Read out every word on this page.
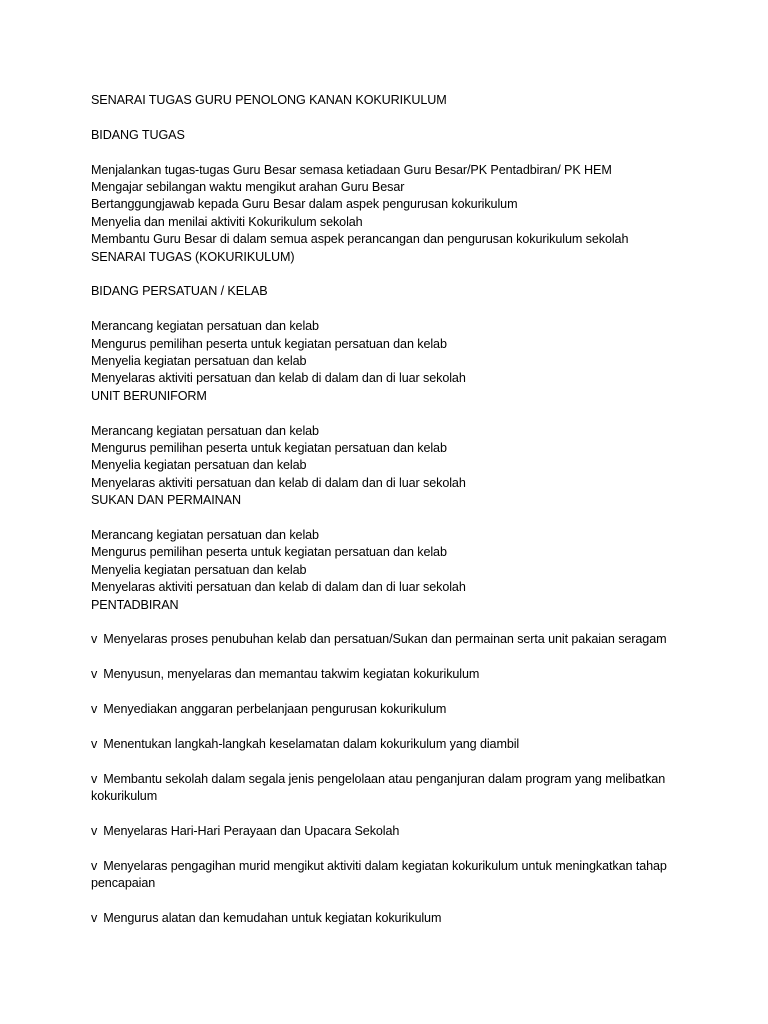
SENARAI TUGAS GURU PENOLONG KANAN KOKURIKULUM
BIDANG TUGAS
Menjalankan tugas-tugas Guru Besar semasa ketiadaan Guru Besar/PK Pentadbiran/ PK HEM
Mengajar sebilangan waktu mengikut arahan Guru Besar
Bertanggungjawab kepada Guru Besar dalam aspek pengurusan kokurikulum
Menyelia dan menilai aktiviti Kokurikulum sekolah
Membantu Guru Besar di dalam semua aspek perancangan dan pengurusan kokurikulum sekolah
SENARAI TUGAS (KOKURIKULUM)
BIDANG PERSATUAN / KELAB
Merancang kegiatan persatuan dan kelab
Mengurus pemilihan peserta untuk kegiatan persatuan dan kelab
Menyelia kegiatan persatuan dan kelab
Menyelaras aktiviti persatuan dan kelab di dalam dan di luar sekolah
UNIT BERUNIFORM
Merancang kegiatan persatuan dan kelab
Mengurus pemilihan peserta untuk kegiatan persatuan dan kelab
Menyelia kegiatan persatuan dan kelab
Menyelaras aktiviti persatuan dan kelab di dalam dan di luar sekolah
SUKAN DAN PERMAINAN
Merancang kegiatan persatuan dan kelab
Mengurus pemilihan peserta untuk kegiatan persatuan dan kelab
Menyelia kegiatan persatuan dan kelab
Menyelaras aktiviti persatuan dan kelab di dalam dan di luar sekolah
PENTADBIRAN
v Menyelaras proses penubuhan kelab dan persatuan/Sukan dan permainan serta unit pakaian seragam
v Menyusun, menyelaras dan memantau takwim kegiatan kokurikulum
v Menyediakan anggaran perbelanjaan pengurusan kokurikulum
v Menentukan langkah-langkah keselamatan dalam kokurikulum yang diambil
v Membantu sekolah dalam segala jenis pengelolaan atau penganjuran dalam program yang melibatkan kokurikulum
v Menyelaras Hari-Hari Perayaan dan Upacara Sekolah
v Menyelaras pengagihan murid mengikut aktiviti dalam kegiatan kokurikulum untuk meningkatkan tahap pencapaian
v Mengurus alatan dan kemudahan untuk kegiatan kokurikulum
